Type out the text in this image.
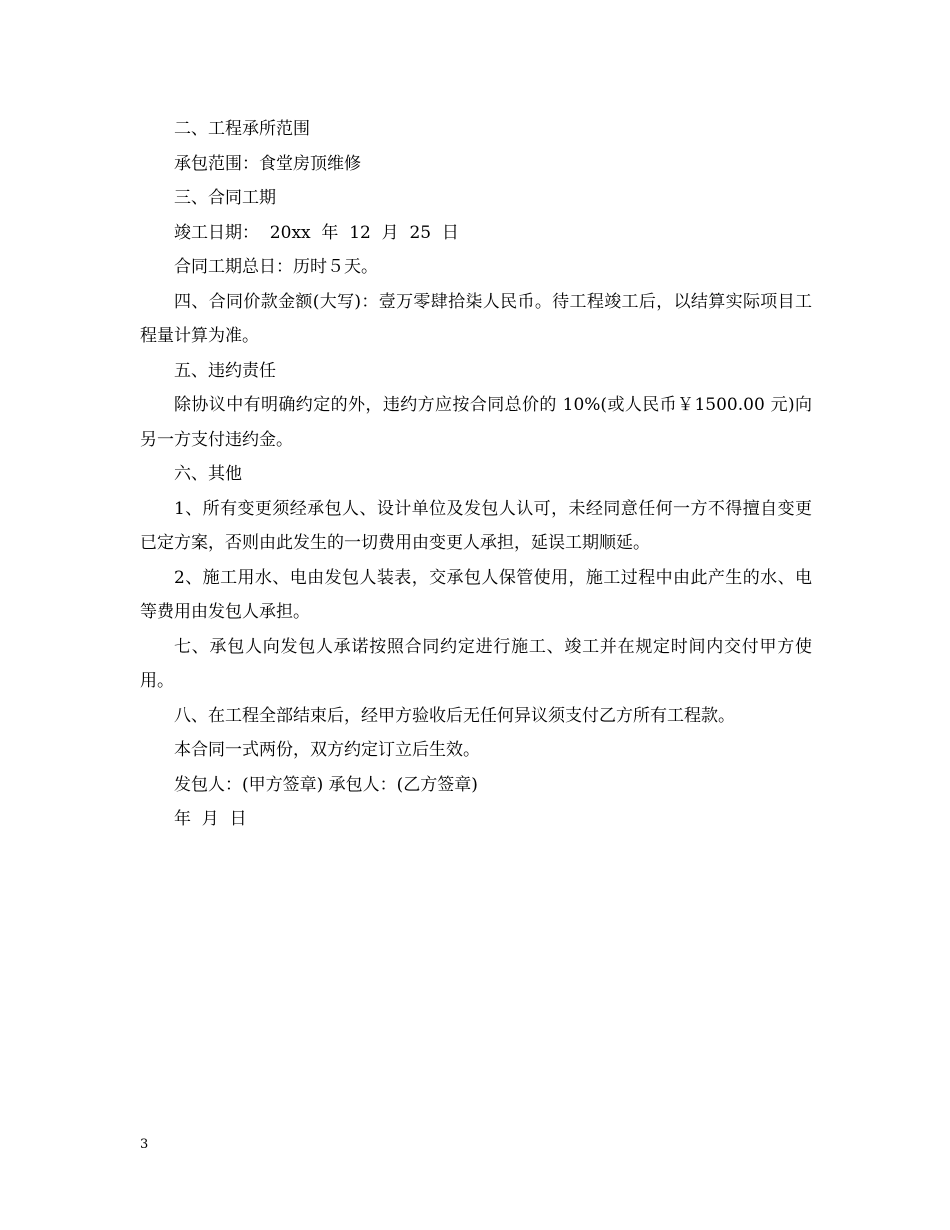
二、工程承所范围

承包范围：食堂房顶维修

三、合同工期

竣工日期：  20xx  年  12  月  25  日

合同工期总日：历时５天。

四、合同价款金额(大写)：壹万零肆拾柒人民币。待工程竣工后，以结算实际项目工程量计算为准。

五、违约责任

除协议中有明确约定的外，违约方应按合同总价的 10%(或人民币￥1500.00 元)向另一方支付违约金。

六、其他

1、所有变更须经承包人、设计单位及发包人认可，未经同意任何一方不得擅自变更已定方案，否则由此发生的一切费用由变更人承担，延误工期顺延。

2、施工用水、电由发包人装表，交承包人保管使用，施工过程中由此产生的水、电等费用由发包人承担。

七、承包人向发包人承诺按照合同约定进行施工、竣工并在规定时间内交付甲方使用。

八、在工程全部结束后，经甲方验收后无任何异议须支付乙方所有工程款。

本合同一式两份，双方约定订立后生效。

发包人：(甲方签章) 承包人：(乙方签章)

年  月  日

3
